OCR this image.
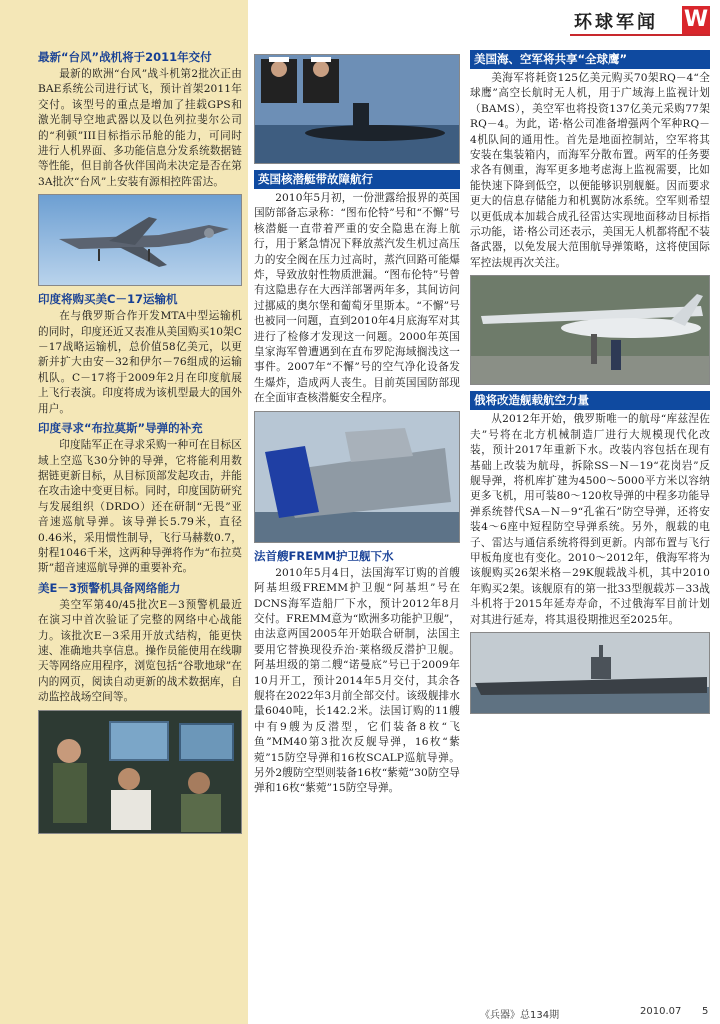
环球军闻 W

最新“台风”战机将于2011年交付

最新的欧洲“台风”战斗机第2批次正由BAE系统公司进行试飞，预计首架2011年交付。该型号的重点是增加了挂载GPS和激光制导空地武器以及以色列拉斐尔公司的“利顿”III目标指示吊舱的能力，可同时进行人机界面、多功能信息分发系统数据链等性能，但目前各伙伴国尚未决定是否在第3A批次“台风”上安装有源相控阵雷达。

印度将购买美C－17运输机

在与俄罗斯合作开发MTA中型运输机的同时，印度还近又表准从美国购买10架C－17战略运输机，总价值58亿美元，以更新并扩大由安－32和伊尔－76组成的运输机队。C－17将于2009年2月在印度航展上飞行表演。印度将成为该机型最大的国外用户。

印度寻求“布拉莫斯”导弹的补充

印度陆军正在寻求采购一种可在目标区域上空巡飞30分钟的导弹，它将能利用数据链更新目标，从目标顶部发起攻击，并能在攻击途中变更目标。同时，印度国防研究与发展组织（DRDO）还在研制“无畏”亚音速巡航导弹。该导弹长5.79米，直径0.46米，采用惯性制导，飞行马赫数0.7，射程1046千米，这两种导弹将作为“布拉莫斯”超音速巡航导弹的重要补充。

美E－3预警机具备网络能力

美空军第40/45批次E－3预警机最近在演习中首次验证了完整的网络中心战能力。该批次E－3采用开放式结构，能更快速、准确地共享信息。操作员能使用在线聊天等网络应用程序，浏览包括“谷歌地球”在内的网页，阅读自动更新的战术数据库，自动监控战场空间等。

英国核潜艇带故障航行

2010年5月初，一份泄露给报界的英国国防部备忘录称：“图布伦特”号和“不懈”号核潜艇一直带着严重的安全隐患在海上航行，用于紧急情况下释放蒸汽发生机过高压力的安全阀在压力过高时，蒸汽回路可能爆炸，导致放射性物质泄漏。“图布伦特”号曾有这隐患存在大西洋部署两年多，其间访问过挪威的奥尔堡和葡萄牙里斯本。“不懈”号也被同一问题，直到2010年4月底海军对其进行了检修才发现这一问题。2000年英国皇家海军曾遭遇到在直布罗陀海域搁浅这一事件。2007年“不懈”号的空气净化设备发生爆炸，造成两人丧生。目前英国国防部现在全面审查核潜艇安全程序。

法首艘FREMM护卫舰下水

2010年5月4日，法国海军订购的首艘阿基坦级FREMM护卫舰“阿基坦”号在DCNS海军造船厂下水，预计2012年8月交付。FREMM意为“欧洲多功能护卫舰”，由法意两国2005年开始联合研制，法国主要用它替换现役乔治·莱格级反潜护卫舰。阿基坦级的第二艘“诺曼底”号已于2009年10月开工，预计2014年5月交付，其余各舰将在2022年3月前全部交付。该级舰排水量6040吨，长142.2米。法国订购的11艘中有9艘为反潜型，它们装备8枚“飞鱼”MM40第3批次反舰导弹，16枚“紫菀”15防空导弹和16枚SCALP巡航导弹。另外2艘防空型则装备16枚“紫菀”30防空导弹和16枚“紫菀”15防空导弹。

美国海、空军将共享“全球鹰”

美海军将耗资125亿美元购买70架RQ－4“全球鹰”高空长航时无人机，用于广域海上监视计划（BAMS），美空军也将投资137亿美元采购77架RQ－4。为此，诺·格公司准备增强两个军种RQ－4机队间的通用性。首先是地面控制站，空军将其安装在集装箱内，而海军分散布置。两军的任务要求各有侧重，海军更多地考虑海上监视需要，比如能快速下降到低空，以便能够识别舰艇。因而要求更大的信息存储能力和机翼防冰系统。空军则希望以更低成本加载合成孔径雷达实现地面移动目标指示功能，诺·格公司还表示，美国无人机都将配不装备武器，以免发展大范围航导弹策略，这将使国际军控法规再次关注。

俄将改造舰载航空力量

从2012年开始，俄罗斯唯一的航母“库兹涅佐夫”号将在北方机械制造厂进行大规模现代化改装，预计2017年重新下水。改装内容包括在现有基础上改装为航母，拆除SS－N－19“花岗岩”反舰导弹，将机库扩建为4500～5000平方米以容纳更多飞机，用可装80～120枚导弹的中程多功能导弹系统替代SA－N－9“孔雀石”防空导弹，还将安装4～6座中短程防空导弹系统。另外，舰载的电子、雷达与通信系统将得到更新。内部布置与飞行甲板角度也有变化。2010～2012年，俄海军将为该舰购买26架米格－29K舰载战斗机，其中2010年购买2架。该舰原有的第一批33型舰载苏－33战斗机将于2015年延寿寿命，不过俄海军目前计划对其进行延寿，将其退役期推迟至2025年。

《兵器》总134期	2010.07 5
